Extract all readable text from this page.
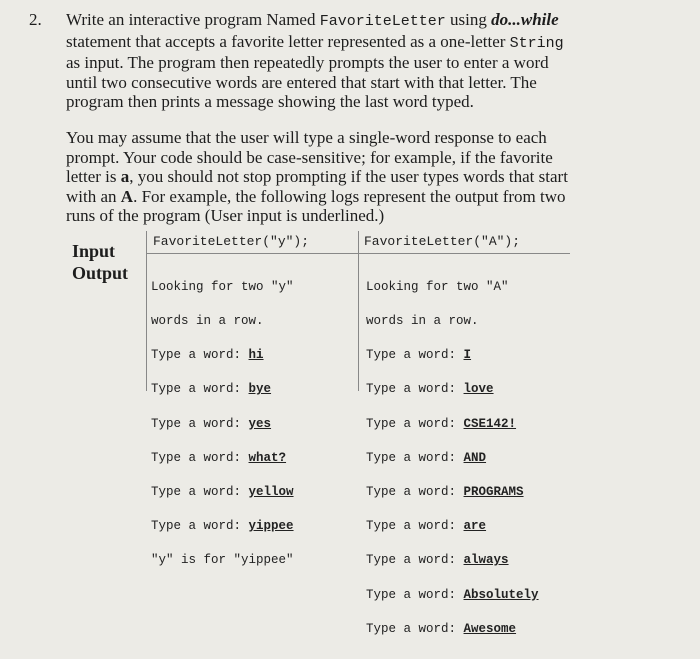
2. Write an interactive program Named FavoriteLetter using do...while
statement that accepts a favorite letter represented as a one-letter String
as input. The program then repeatedly prompts the user to enter a word
until two consecutive words are entered that start with that letter. The
program then prints a message showing the last word typed.
You may assume that the user will type a single-word response to each
prompt. Your code should be case-sensitive; for example, if the favorite
letter is a, you should not stop prompting if the user types words that start
with an A. For example, the following logs represent the output from two
runs of the program (User input is underlined.)
Input
Output
FavoriteLetter("y");	FavoriteLetter("A");

Looking for two "y"

words in a row.

Type a word: hi

Type a word: bye

Type a word: yes

Type a word: what?

Type a word: yellow

Type a word: yippee

"y" is for "yippee"

Looking for two "A"

words in a row.

Type a word: I

Type a word: love

Type a word: CSE142!

Type a word: AND

Type a word: PROGRAMS

Type a word: are

Type a word: always

Type a word: Absolutely

Type a word: Awesome
